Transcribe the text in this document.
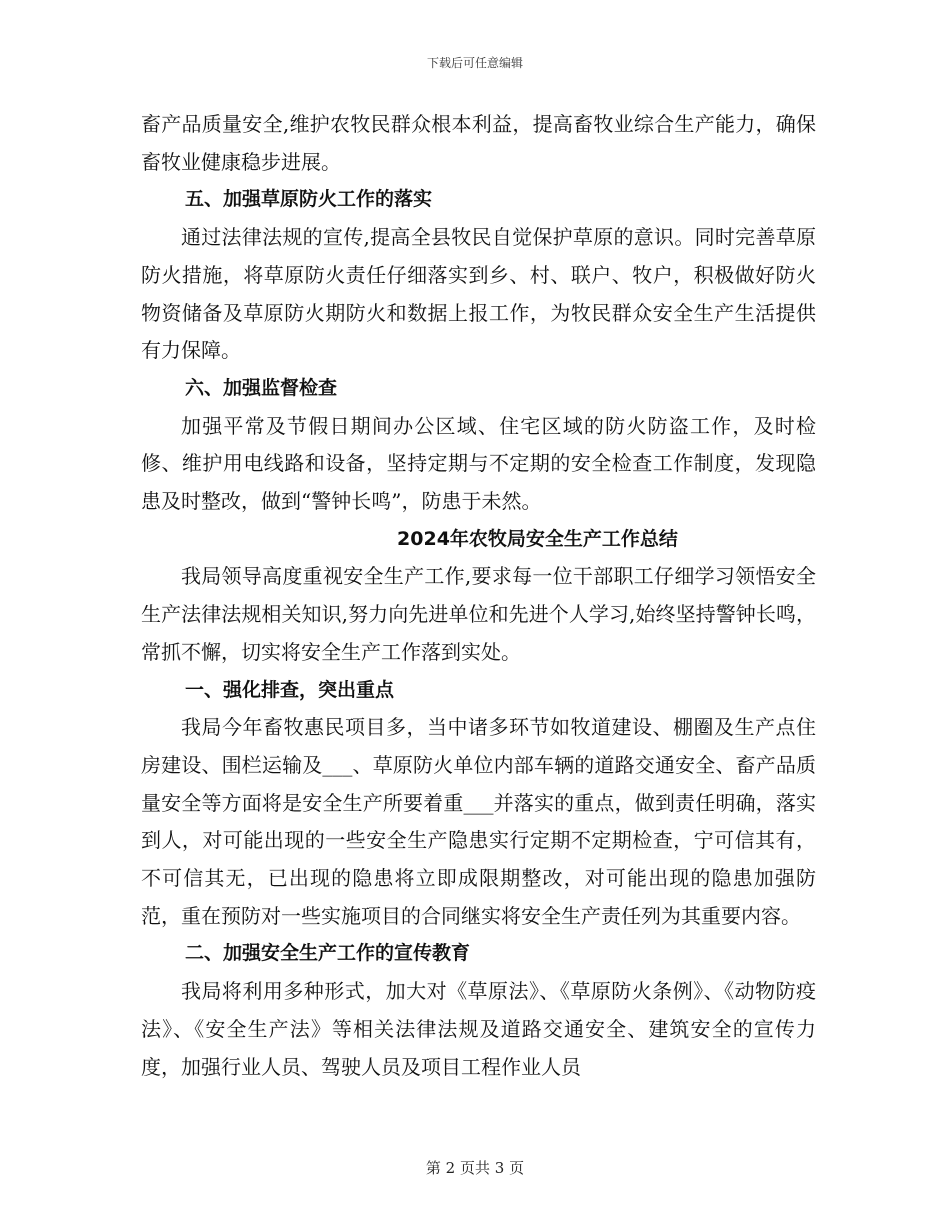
下载后可任意编辑

畜产品质量安全,维护农牧民群众根本利益，提高畜牧业综合生产能力，确保畜牧业健康稳步进展。

五、加强草原防火工作的落实

通过法律法规的宣传,提高全县牧民自觉保护草原的意识。同时完善草原防火措施，将草原防火责任仔细落实到乡、村、联户、牧户，积极做好防火物资储备及草原防火期防火和数据上报工作，为牧民群众安全生产生活提供有力保障。

六、加强监督检查

加强平常及节假日期间办公区域、住宅区域的防火防盗工作，及时检修、维护用电线路和设备，坚持定期与不定期的安全检查工作制度，发现隐患及时整改，做到“警钟长鸣”，防患于未然。

2024年农牧局安全生产工作总结

我局领导高度重视安全生产工作,要求每一位干部职工仔细学习领悟安全生产法律法规相关知识,努力向先进单位和先进个人学习,始终坚持警钟长鸣，常抓不懈，切实将安全生产工作落到实处。

一、强化排查，突出重点

我局今年畜牧惠民项目多，当中诸多环节如牧道建设、棚圈及生产点住房建设、围栏运输及___、草原防火单位内部车辆的道路交通安全、畜产品质量安全等方面将是安全生产所要着重___并落实的重点，做到责任明确，落实到人，对可能出现的一些安全生产隐患实行定期不定期检查，宁可信其有，不可信其无，已出现的隐患将立即成限期整改，对可能出现的隐患加强防范，重在预防对一些实施项目的合同继实将安全生产责任列为其重要内容。

二、加强安全生产工作的宣传教育

我局将利用多种形式，加大对《草原法》、《草原防火条例》、《动物防疫法》、《安全生产法》等相关法律法规及道路交通安全、建筑安全的宣传力度，加强行业人员、驾驶人员及项目工程作业人员

第 2 页共 3 页
